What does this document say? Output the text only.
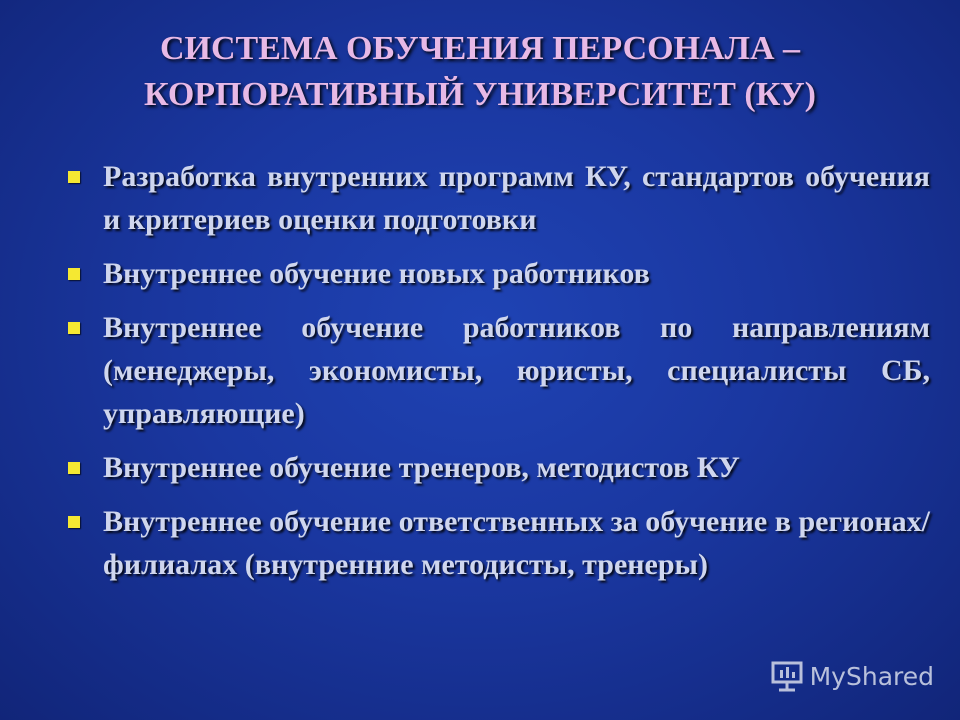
СИСТЕМА ОБУЧЕНИЯ ПЕРСОНАЛА –
КОРПОРАТИВНЫЙ УНИВЕРСИТЕТ (КУ)
Разработка внутренних программ КУ, стандартов обучения и критериев оценки подготовки
Внутреннее обучение новых работников
Внутреннее обучение работников по направлениям (менеджеры, экономисты, юристы, специалисты СБ, управляющие)
Внутреннее обучение тренеров, методистов КУ
Внутреннее обучение ответственных за обучение в регионах/филиалах (внутренние методисты, тренеры)
MyShared
